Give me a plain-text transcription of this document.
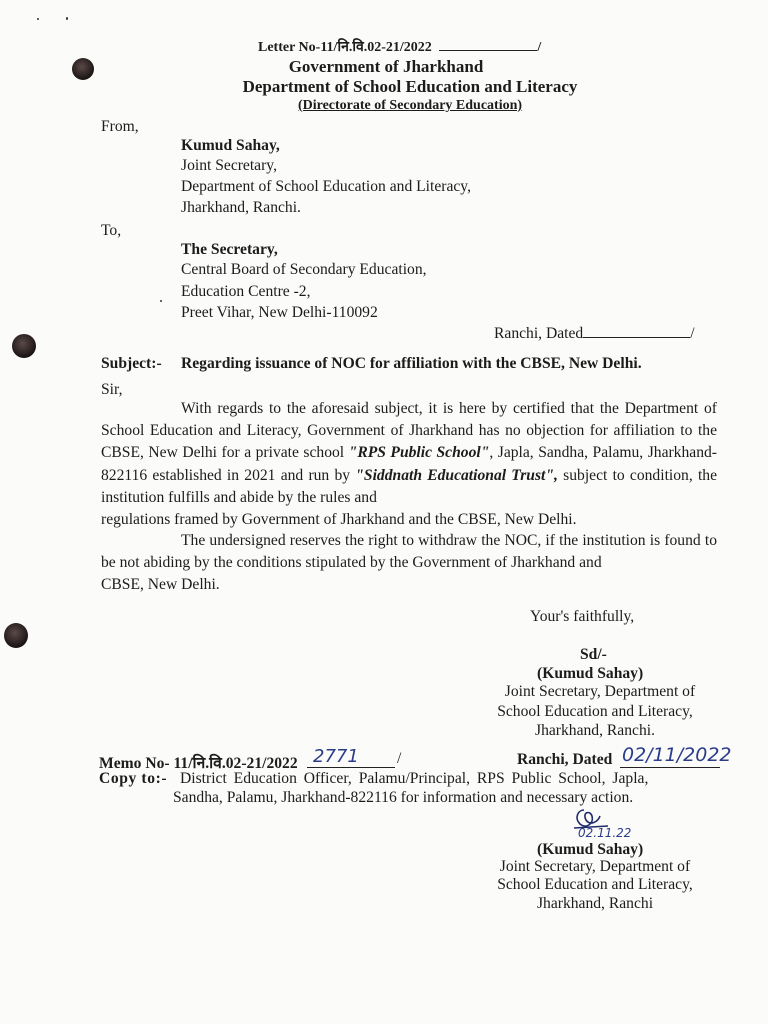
Letter No-11/नि.वि.02-21/2022	/
Government of Jharkhand
Department of School Education and Literacy
(Directorate of Secondary Education)
From,
Kumud Sahay,
Joint Secretary,
Department of School Education and Literacy,
Jharkhand, Ranchi.
To,
The Secretary,
Central Board of Secondary Education,
Education Centre -2,
Preet Vihar, New Delhi-110092
Ranchi, Dated	/
Subject:- Regarding issuance of NOC for affiliation with the CBSE, New Delhi.
Sir,
With regards to the aforesaid subject, it is here by certified that the Department of School Education and Literacy, Government of Jharkhand has no objection for affiliation to the CBSE, New Delhi for a private school "RPS Public School", Japla, Sandha, Palamu, Jharkhand-822116 established in 2021 and run by "Siddnath Educational Trust", subject to condition, the institution fulfills and abide by the rules and
regulations framed by Government of Jharkhand and the CBSE, New Delhi.
The undersigned reserves the right to withdraw the NOC, if the institution is found to be not abiding by the conditions stipulated by the Government of Jharkhand and
CBSE, New Delhi.
Your's faithfully,
Sd/-
(Kumud Sahay)
Joint Secretary, Department of
School Education and Literacy,
Jharkhand, Ranchi.
Memo No- 11/नि.वि.02-21/2022 2771 /	Ranchi, Dated 02/11/2022
Copy to:- District Education Officer, Palamu/Principal, RPS Public School, Japla,
Sandha, Palamu, Jharkhand-822116 for information and necessary action.
02.11.22
(Kumud Sahay)
Joint Secretary, Department of
School Education and Literacy,
Jharkhand, Ranchi
